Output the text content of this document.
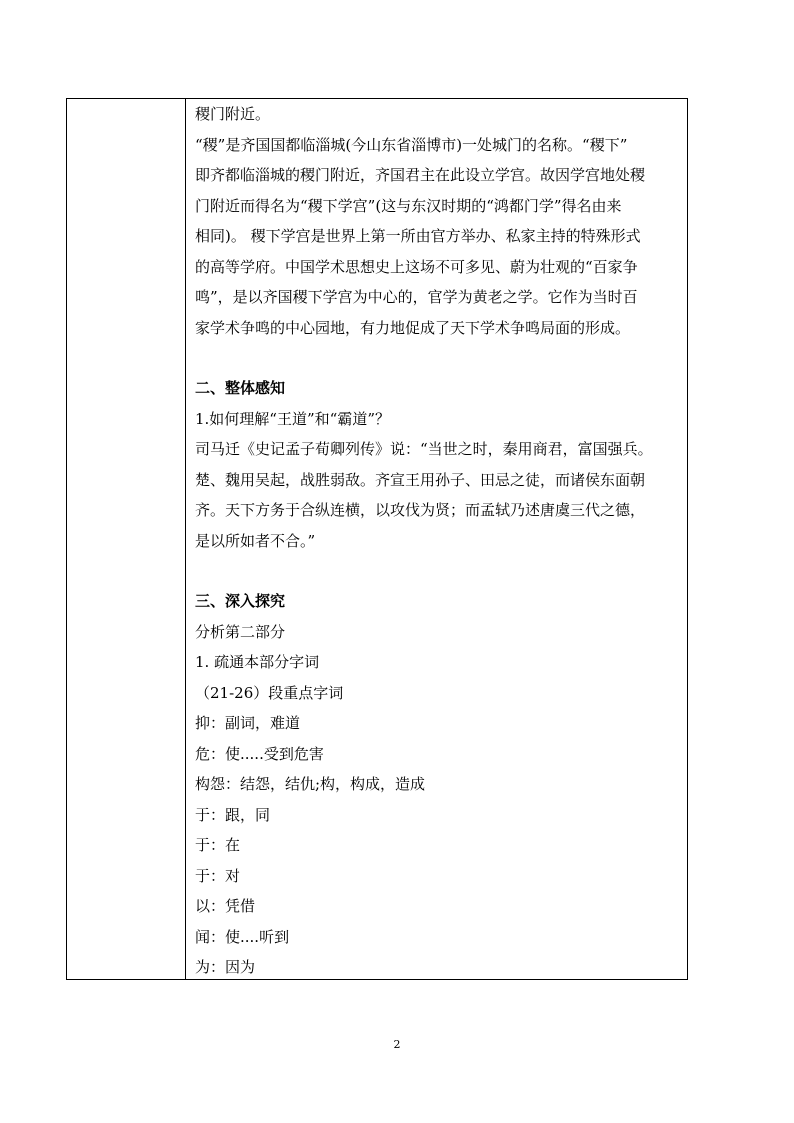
稷门附近。

“稷”是齐国国都临淄城(今山东省淄博市)一处城门的名称。“稷下”

即齐都临淄城的稷门附近，齐国君主在此设立学宫。故因学宫地处稷

门附近而得名为“稷下学宫”(这与东汉时期的“鸿都门学”得名由来

相同)。 稷下学宫是世界上第一所由官方举办、私家主持的特殊形式

的高等学府。中国学术思想史上这场不可多见、蔚为壮观的“百家争

鸣”，是以齐国稷下学宫为中心的，官学为黄老之学。它作为当时百

家学术争鸣的中心园地，有力地促成了天下学术争鸣局面的形成。

二、整体感知

1.如何理解“王道”和“霸道”？

司马迁《史记孟子荀卿列传》说：“当世之时，秦用商君，富国强兵。

楚、魏用吴起，战胜弱敌。齐宣王用孙子、田忌之徒，而诸侯东面朝

齐。天下方务于合纵连横，以攻伐为贤；而孟轼乃述唐虞三代之德，

是以所如者不合。”

三、深入探究

分析第二部分

1. 疏通本部分字词

（21-26）段重点字词

抑：副词，难道

危：使.....受到危害

构怨：结怨，结仇;构，构成，造成

于：跟，同

于：在

于：对

以：凭借

闻：使....听到

为：因为

2
